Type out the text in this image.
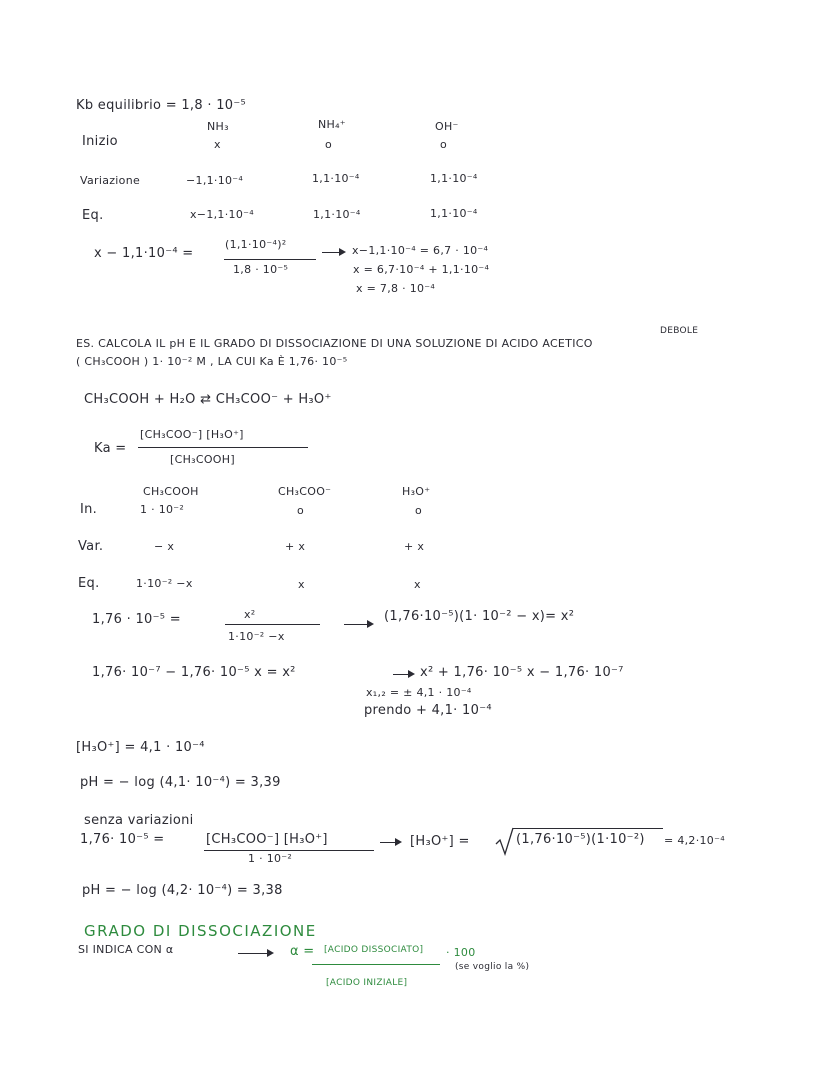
Kb equilibrio = 1,8 · 10⁻⁵
NH₃	NH₄⁺	OH⁻
Inizio	x	o	o
Variazione	−1,1·10⁻⁴	1,1·10⁻⁴	1,1·10⁻⁴
Eq.	x−1,1·10⁻⁴	1,1·10⁻⁴	1,1·10⁻⁴
x − 1,1·10⁻⁴ =
(1,1·10⁻⁴)²
1,8 · 10⁻⁵
x−1,1·10⁻⁴ = 6,7 · 10⁻⁴
x = 6,7·10⁻⁴ + 1,1·10⁻⁴
x = 7,8 · 10⁻⁴
DEBOLE
ES. CALCOLA IL pH E IL GRADO DI DISSOCIAZIONE DI UNA SOLUZIONE DI ACIDO ACETICO
( CH₃COOH ) 1· 10⁻² M , LA CUI Ka È 1,76· 10⁻⁵
CH₃COOH + H₂O ⇄ CH₃COO⁻ + H₃O⁺
Ka =
[CH₃COO⁻] [H₃O⁺]
[CH₃COOH]
CH₃COOH	CH₃COO⁻	H₃O⁺
In.	1 · 10⁻²	o	o
Var.	− x	+ x	+ x
Eq.	1·10⁻² −x	x	x
1,76 · 10⁻⁵ =	x²
1·10⁻² −x
(1,76·10⁻⁵)(1· 10⁻² − x)= x²
1,76· 10⁻⁷ − 1,76· 10⁻⁵ x = x²	x² + 1,76· 10⁻⁵ x − 1,76· 10⁻⁷
x₁,₂ = ± 4,1 · 10⁻⁴
prendo + 4,1· 10⁻⁴
[H₃O⁺] = 4,1 · 10⁻⁴
pH = − log (4,1· 10⁻⁴) = 3,39
senza variazioni
1,76· 10⁻⁵ =	[CH₃COO⁻] [H₃O⁺]
1 · 10⁻²
[H₃O⁺] =	(1,76·10⁻⁵)(1·10⁻²) = 4,2·10⁻⁴
pH = − log (4,2· 10⁻⁴) = 3,38
GRADO DI DISSOCIAZIONE
SI INDICA CON α	α = [ACIDO DISSOCIATO]
[ACIDO INIZIALE]
· 100
(se voglio la %)
